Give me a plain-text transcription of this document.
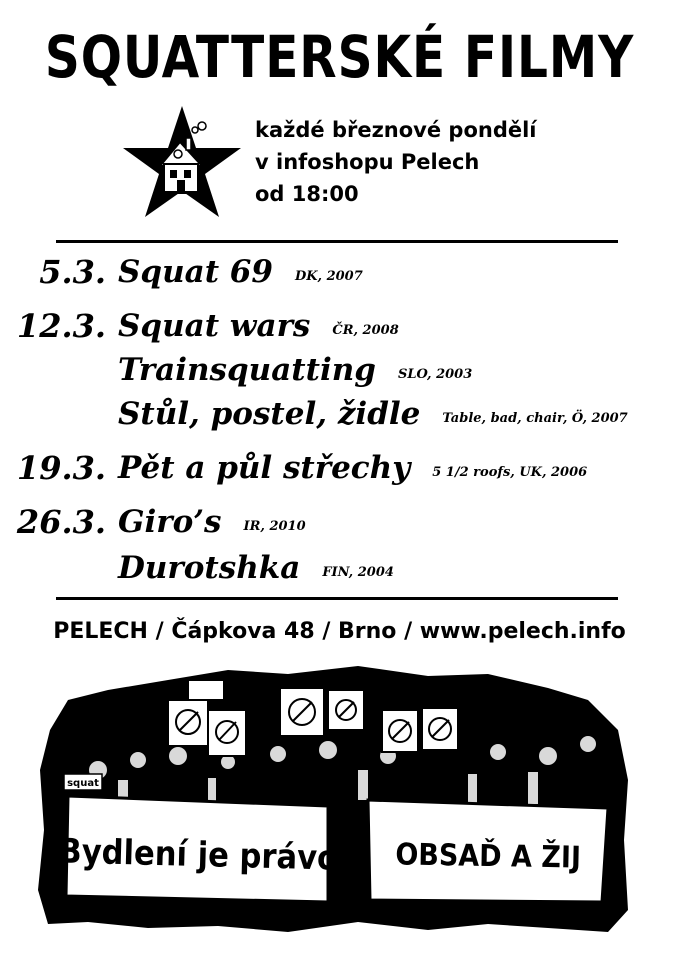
SQUATTERSKÉ FILMY
každé březnové pondělí
v infoshopu Pelech
od 18:00
5.3. Squat 69 DK, 2007
12.3. Squat wars ČR, 2008
Trainsquatting SLO, 2003
Stůl, postel, židle Table, bad, chair, Ö, 2007
19.3. Pět a půl střechy 5 1/2 roofs, UK, 2006
26.3. Giro’s IR, 2010
Durotshka FIN, 2004
PELECH / Čápkova 48 / Brno / www.pelech.info
squat
Bydlení je právo OBSAĎ A ŽIJ
